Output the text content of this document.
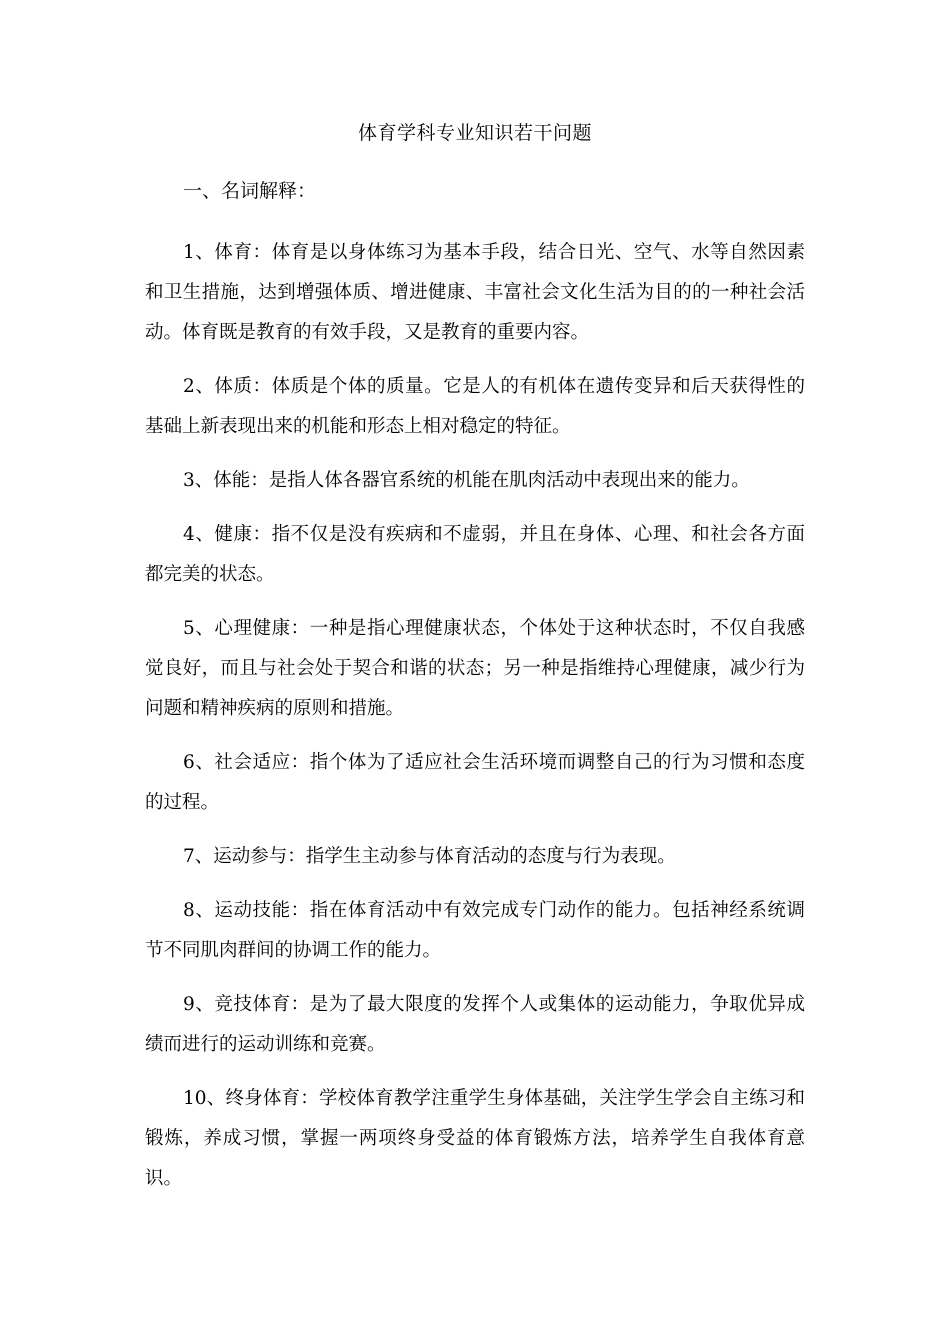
体育学科专业知识若干问题
一、名词解释：

1、体育：体育是以身体练习为基本手段，结合日光、空气、水等自然因素和卫生措施，达到增强体质、增进健康、丰富社会文化生活为目的的一种社会活动。体育既是教育的有效手段，又是教育的重要内容。

2、体质：体质是个体的质量。它是人的有机体在遗传变异和后天获得性的基础上新表现出来的机能和形态上相对稳定的特征。

3、体能：是指人体各器官系统的机能在肌肉活动中表现出来的能力。

4、健康：指不仅是没有疾病和不虚弱，并且在身体、心理、和社会各方面都完美的状态。

5、心理健康：一种是指心理健康状态，个体处于这种状态时，不仅自我感觉良好，而且与社会处于契合和谐的状态；另一种是指维持心理健康，减少行为问题和精神疾病的原则和措施。

6、社会适应：指个体为了适应社会生活环境而调整自己的行为习惯和态度的过程。

7、运动参与：指学生主动参与体育活动的态度与行为表现。

8、运动技能：指在体育活动中有效完成专门动作的能力。包括神经系统调节不同肌肉群间的协调工作的能力。

9、竞技体育：是为了最大限度的发挥个人或集体的运动能力，争取优异成绩而进行的运动训练和竞赛。

10、终身体育：学校体育教学注重学生身体基础，关注学生学会自主练习和锻炼，养成习惯，掌握一两项终身受益的体育锻炼方法，培养学生自我体育意识。
